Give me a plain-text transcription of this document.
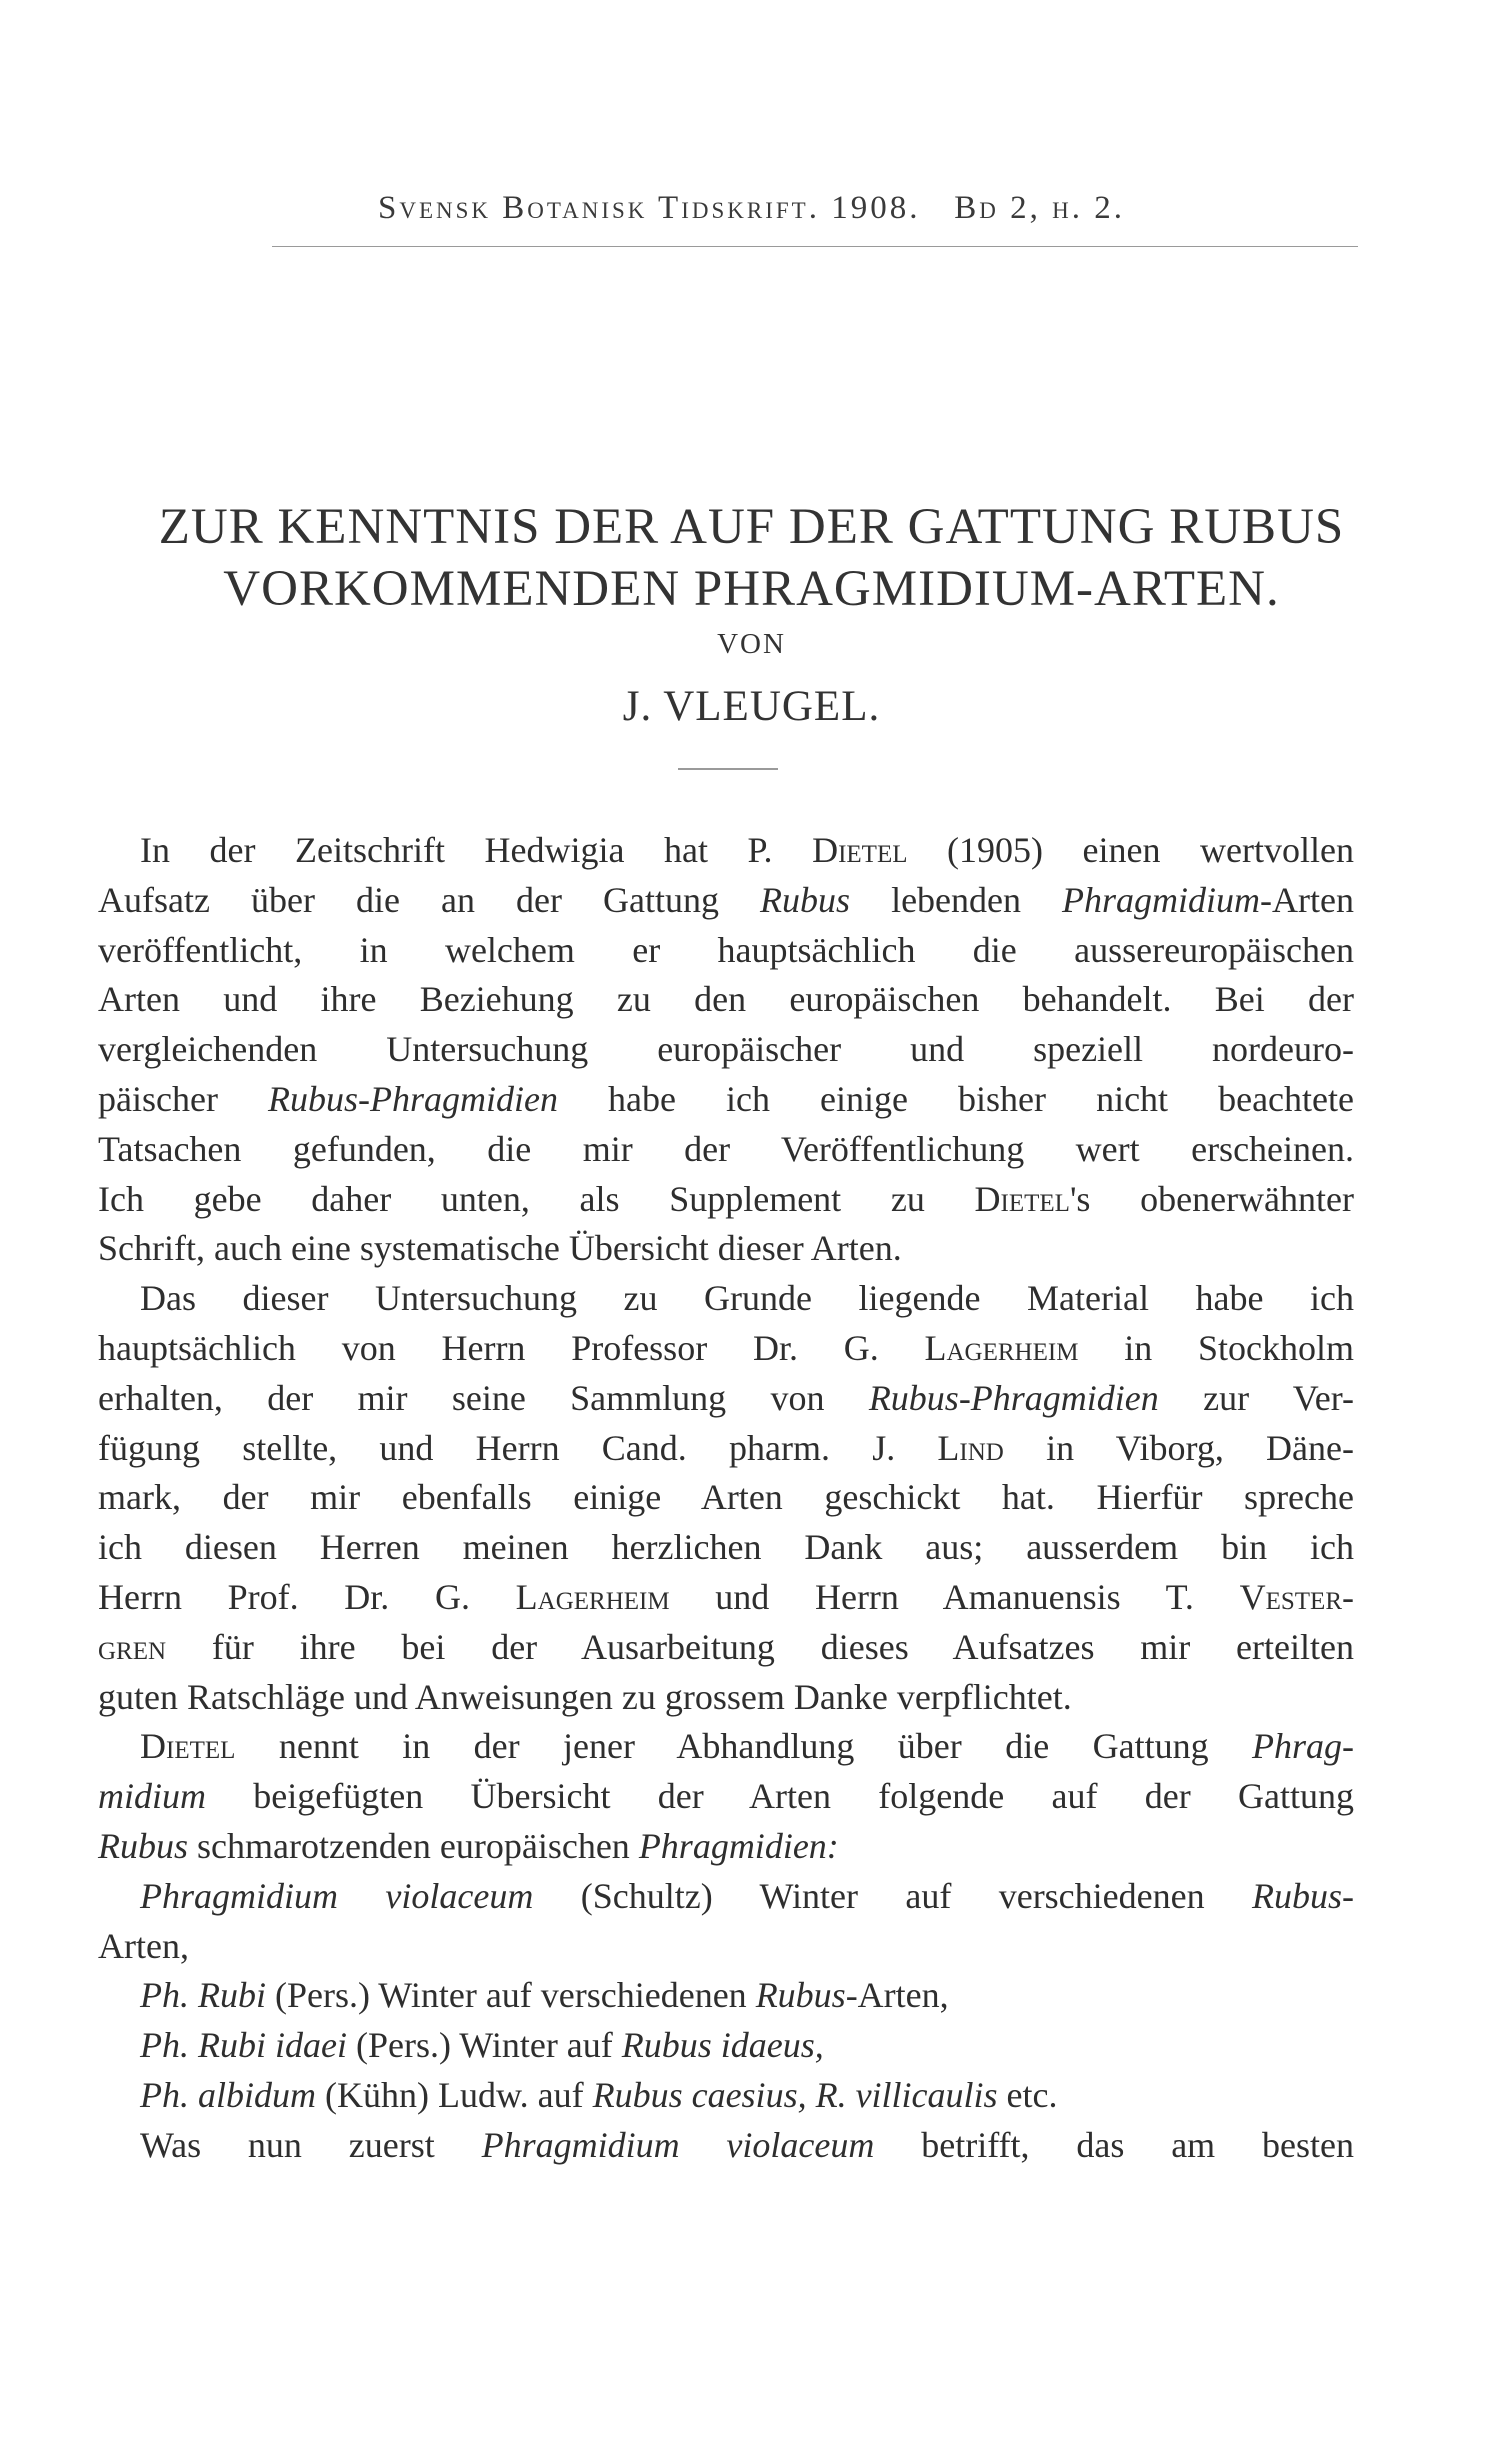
Svensk Botanisk Tidskrift. 1908. Bd 2, h. 2.
ZUR KENNTNIS DER AUF DER GATTUNG RUBUS
VORKOMMENDEN PHRAGMIDIUM-ARTEN.
VON
J. VLEUGEL.
In der Zeitschrift Hedwigia hat P. Dietel (1905) einen wertvollen
Aufsatz über die an der Gattung Rubus lebenden Phragmidium-Arten
veröffentlicht, in welchem er hauptsächlich die aussereuropäischen
Arten und ihre Beziehung zu den europäischen behandelt. Bei der
vergleichenden Untersuchung europäischer und speziell nordeuro-
päischer Rubus-Phragmidien habe ich einige bisher nicht beachtete
Tatsachen gefunden, die mir der Veröffentlichung wert erscheinen.
Ich gebe daher unten, als Supplement zu Dietel's obenerwähnter
Schrift, auch eine systematische Übersicht dieser Arten.
Das dieser Untersuchung zu Grunde liegende Material habe ich
hauptsächlich von Herrn Professor Dr. G. Lagerheim in Stockholm
erhalten, der mir seine Sammlung von Rubus-Phragmidien zur Ver-
fügung stellte, und Herrn Cand. pharm. J. Lind in Viborg, Däne-
mark, der mir ebenfalls einige Arten geschickt hat. Hierfür spreche
ich diesen Herren meinen herzlichen Dank aus; ausserdem bin ich
Herrn Prof. Dr. G. Lagerheim und Herrn Amanuensis T. Vester-
gren für ihre bei der Ausarbeitung dieses Aufsatzes mir erteilten
guten Ratschläge und Anweisungen zu grossem Danke verpflichtet.
Dietel nennt in der jener Abhandlung über die Gattung Phrag-
midium beigefügten Übersicht der Arten folgende auf der Gattung
Rubus schmarotzenden europäischen Phragmidien:
Phragmidium violaceum (Schultz) Winter auf verschiedenen Rubus-
Arten,
Ph. Rubi (Pers.) Winter auf verschiedenen Rubus-Arten,
Ph. Rubi idaei (Pers.) Winter auf Rubus idaeus,
Ph. albidum (Kühn) Ludw. auf Rubus caesius, R. villicaulis etc.
Was nun zuerst Phragmidium violaceum betrifft, das am besten
